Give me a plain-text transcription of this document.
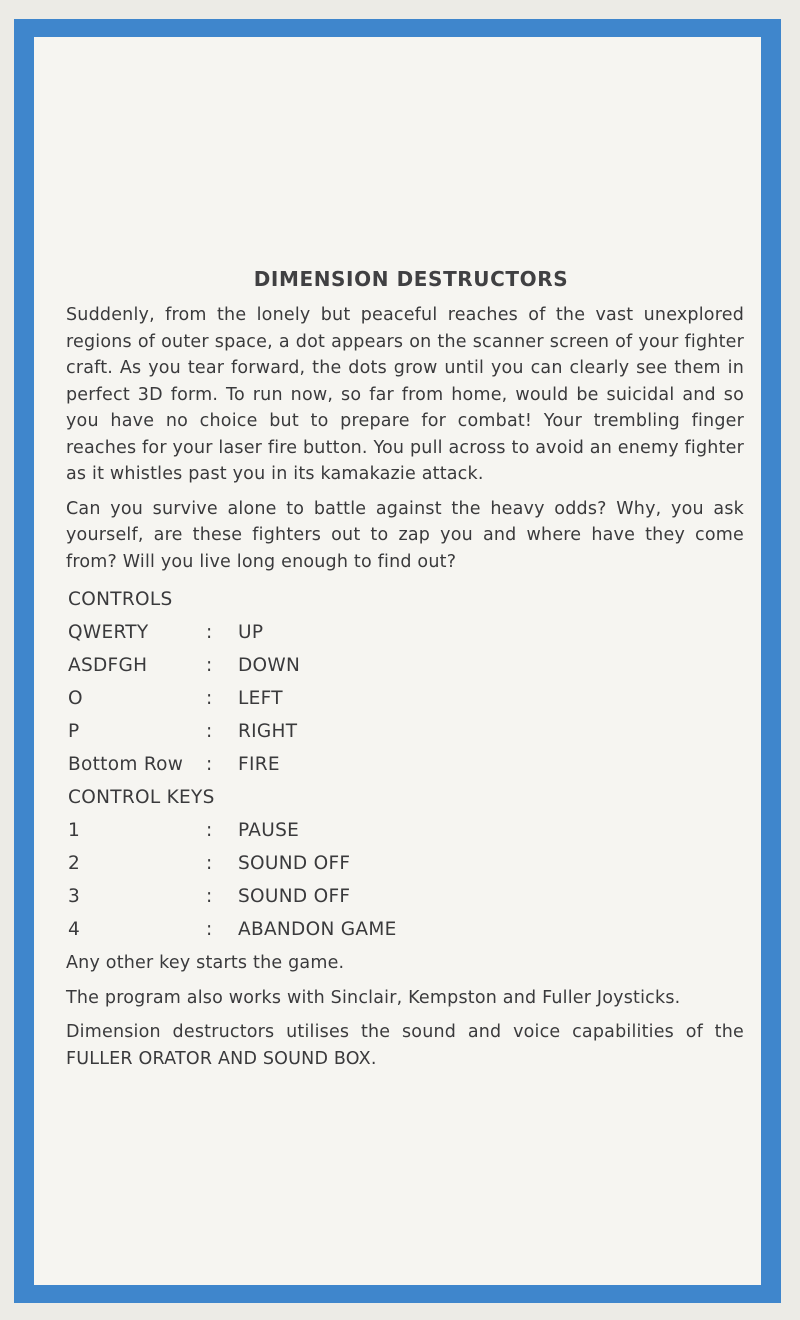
DIMENSION DESTRUCTORS

Suddenly, from the lonely but peaceful reaches of the vast unexplored regions of outer space, a dot appears on the scanner screen of your fighter craft. As you tear forward, the dots grow until you can clearly see them in perfect 3D form. To run now, so far from home, would be suicidal and so you have no choice but to prepare for combat! Your trembling finger reaches for your laser fire button. You pull across to avoid an enemy fighter as it whistles past you in its kamakazie attack.

Can you survive alone to battle against the heavy odds? Why, you ask yourself, are these fighters out to zap you and where have they come from? Will you live long enough to find out?

CONTROLS
QWERTY	:	UP
ASDFGH	:	DOWN
O	:	LEFT
P	:	RIGHT
Bottom Row	:	FIRE
CONTROL KEYS
1	:	PAUSE
2	:	SOUND OFF
3	:	SOUND OFF
4	:	ABANDON GAME

Any other key starts the game.

The program also works with Sinclair, Kempston and Fuller Joysticks.

Dimension destructors utilises the sound and voice capabilities of the FULLER ORATOR AND SOUND BOX.
